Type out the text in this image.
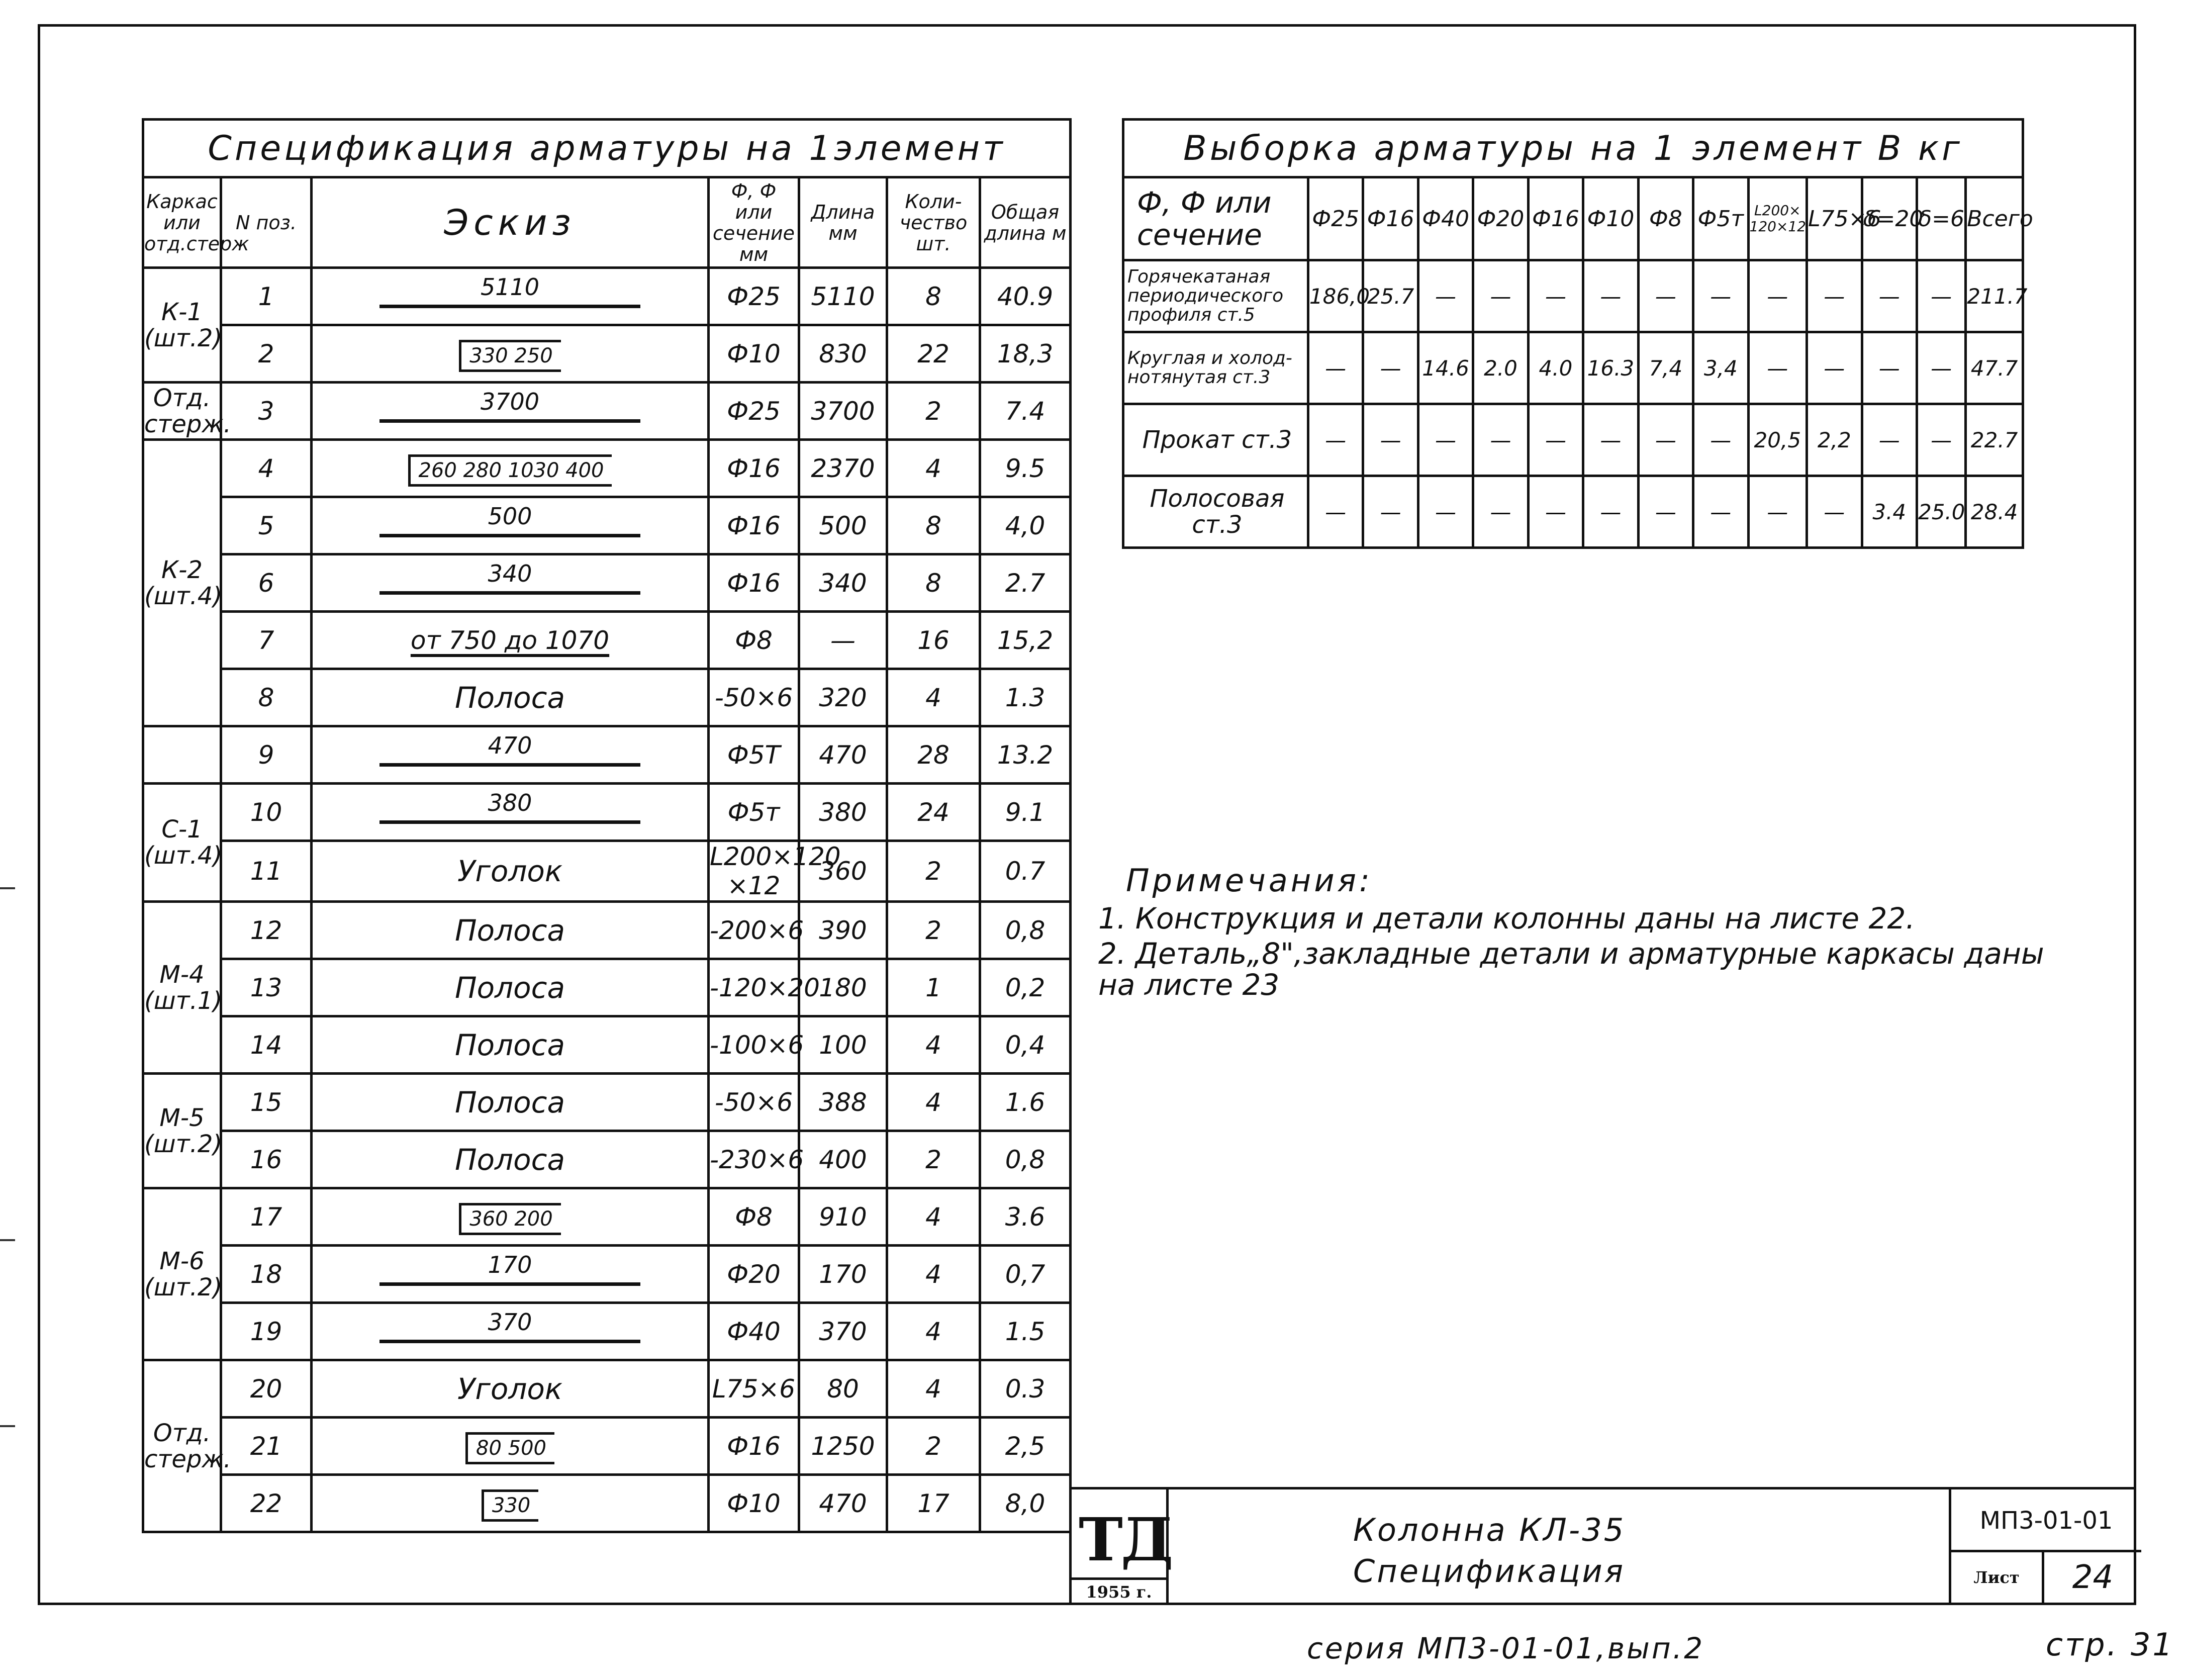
Спецификация арматуры на 1элемент						
Каркас или отд.стерж	N поз.	Эскиз	Ф, Ф или сечение мм	Длина мм	Коли- чество шт.	Общая длина м
К-1 (шт.2)	1	5110	Ф25	5110	8	40.9
	2	330 250	Ф10	830	22	18,3
Отд. стерж.	3	3700	Ф25	3700	2	7.4
К-2 (шт.4)	4	260 280 1030 400	Ф16	2370	4	9.5
	5	500	Ф16	500	8	4,0
	6	340	Ф16	340	8	2.7
	7	от 750 до 1070	Ф8	—	16	15,2
	8	Полоса	-50×6	320	4	1.3
	9	470	Ф5Т	470	28	13.2
С-1 (шт.4)	10	380	Ф5т	380	24	9.1
	11	Уголок	L200×120 ×12	360	2	0.7
М-4 (шт.1)	12	Полоса	-200×6	390	2	0,8
	13	Полоса	-120×20	180	1	0,2
	14	Полоса	-100×6	100	4	0,4
М-5 (шт.2)	15	Полоса	-50×6	388	4	1.6
	16	Полоса	-230×6	400	2	0,8
М-6 (шт.2)	17	360 200	Ф8	910	4	3.6
	18	170	Ф20	170	4	0,7
	19	370	Ф40	370	4	1.5
Отд. стерж.	20	Уголок	L75×6	80	4	0.3
	21	80 500	Ф16	1250	2	2,5
	22	330	Ф10	470	17	8,0
Выборка арматуры на 1 элемент В кг													
Ф, Ф или сечение	Ф25	Ф16	Ф40	Ф20	Ф16	Ф10	Ф8	Ф5т	L200× 120×12	L75×6	δ=20	δ=6	Всего
Горячекатаная периодического профиля ст.5	186,0	25.7	—	—	—	—	—	—	—	—	—	—	211.7
Круглая и холод- нотянутая ст.3	—	—	14.6	2.0	4.0	16.3	7,4	3,4	—	—	—	—	47.7
Прокат ст.3	—	—	—	—	—	—	—	—	20,5	2,2	—	—	22.7
Полосовая ст.3	—	—	—	—	—	—	—	—	—	—	3.4	25.0	28.4
Примечания:
1. Конструкция и детали колонны даны на листе 22.
2. Деталь„8",закладные детали и арматурные каркасы даны на листе 23
ТД
1955 г.
Колонна КЛ-35
Спецификация
МП3-01-01
Лист	24
серия МП3-01-01,вып.2	стр. 31
